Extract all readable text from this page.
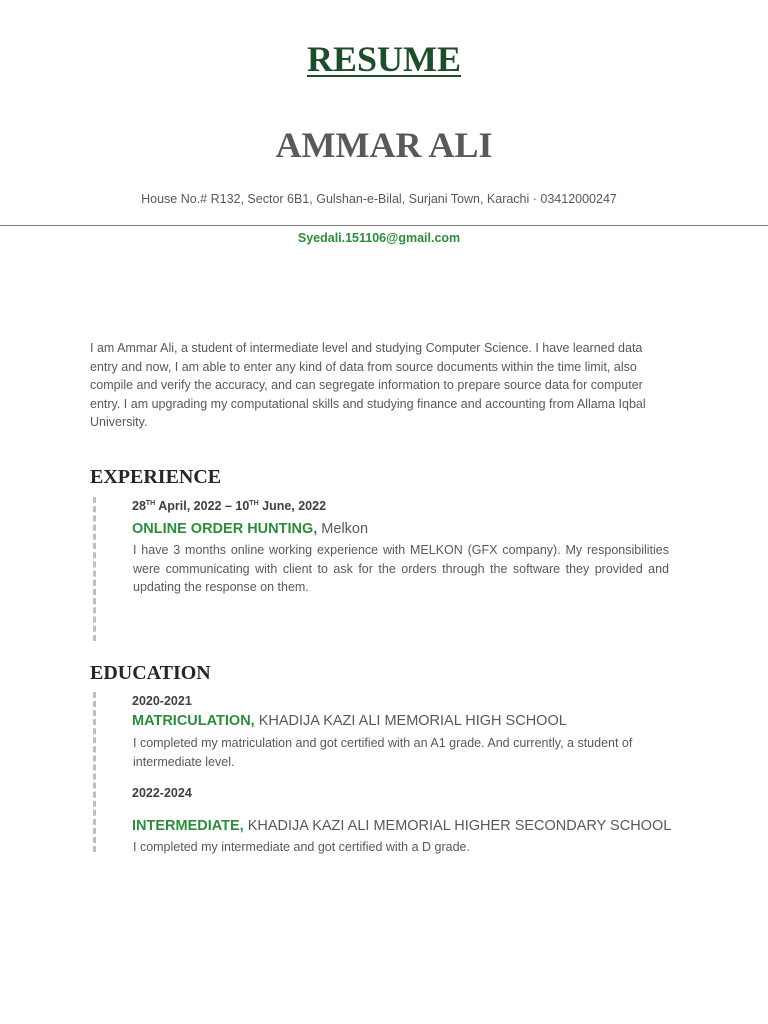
RESUME
AMMAR ALI
House No.# R132, Sector 6B1, Gulshan-e-Bilal, Surjani Town, Karachi · 03412000247
Syedali.151106@gmail.com
I am Ammar Ali, a student of intermediate level and studying Computer Science. I have learned data entry and now, I am able to enter any kind of data from source documents within the time limit, also compile and verify the accuracy, and can segregate information to prepare source data for computer entry. I am upgrading my computational skills and studying finance and accounting from Allama Iqbal University.
EXPERIENCE
28TH April, 2022 – 10TH June, 2022
ONLINE ORDER HUNTING, Melkon
I have 3 months online working experience with MELKON (GFX company). My responsibilities were communicating with client to ask for the orders through the software they provided and updating the response on them.
EDUCATION
2020-2021
MATRICULATION, KHADIJA KAZI ALI MEMORIAL HIGH SCHOOL
I completed my matriculation and got certified with an A1 grade. And currently, a student of intermediate level.
2022-2024
INTERMEDIATE, KHADIJA KAZI ALI MEMORIAL HIGHER SECONDARY SCHOOL
I completed my intermediate and got certified with a D grade.
